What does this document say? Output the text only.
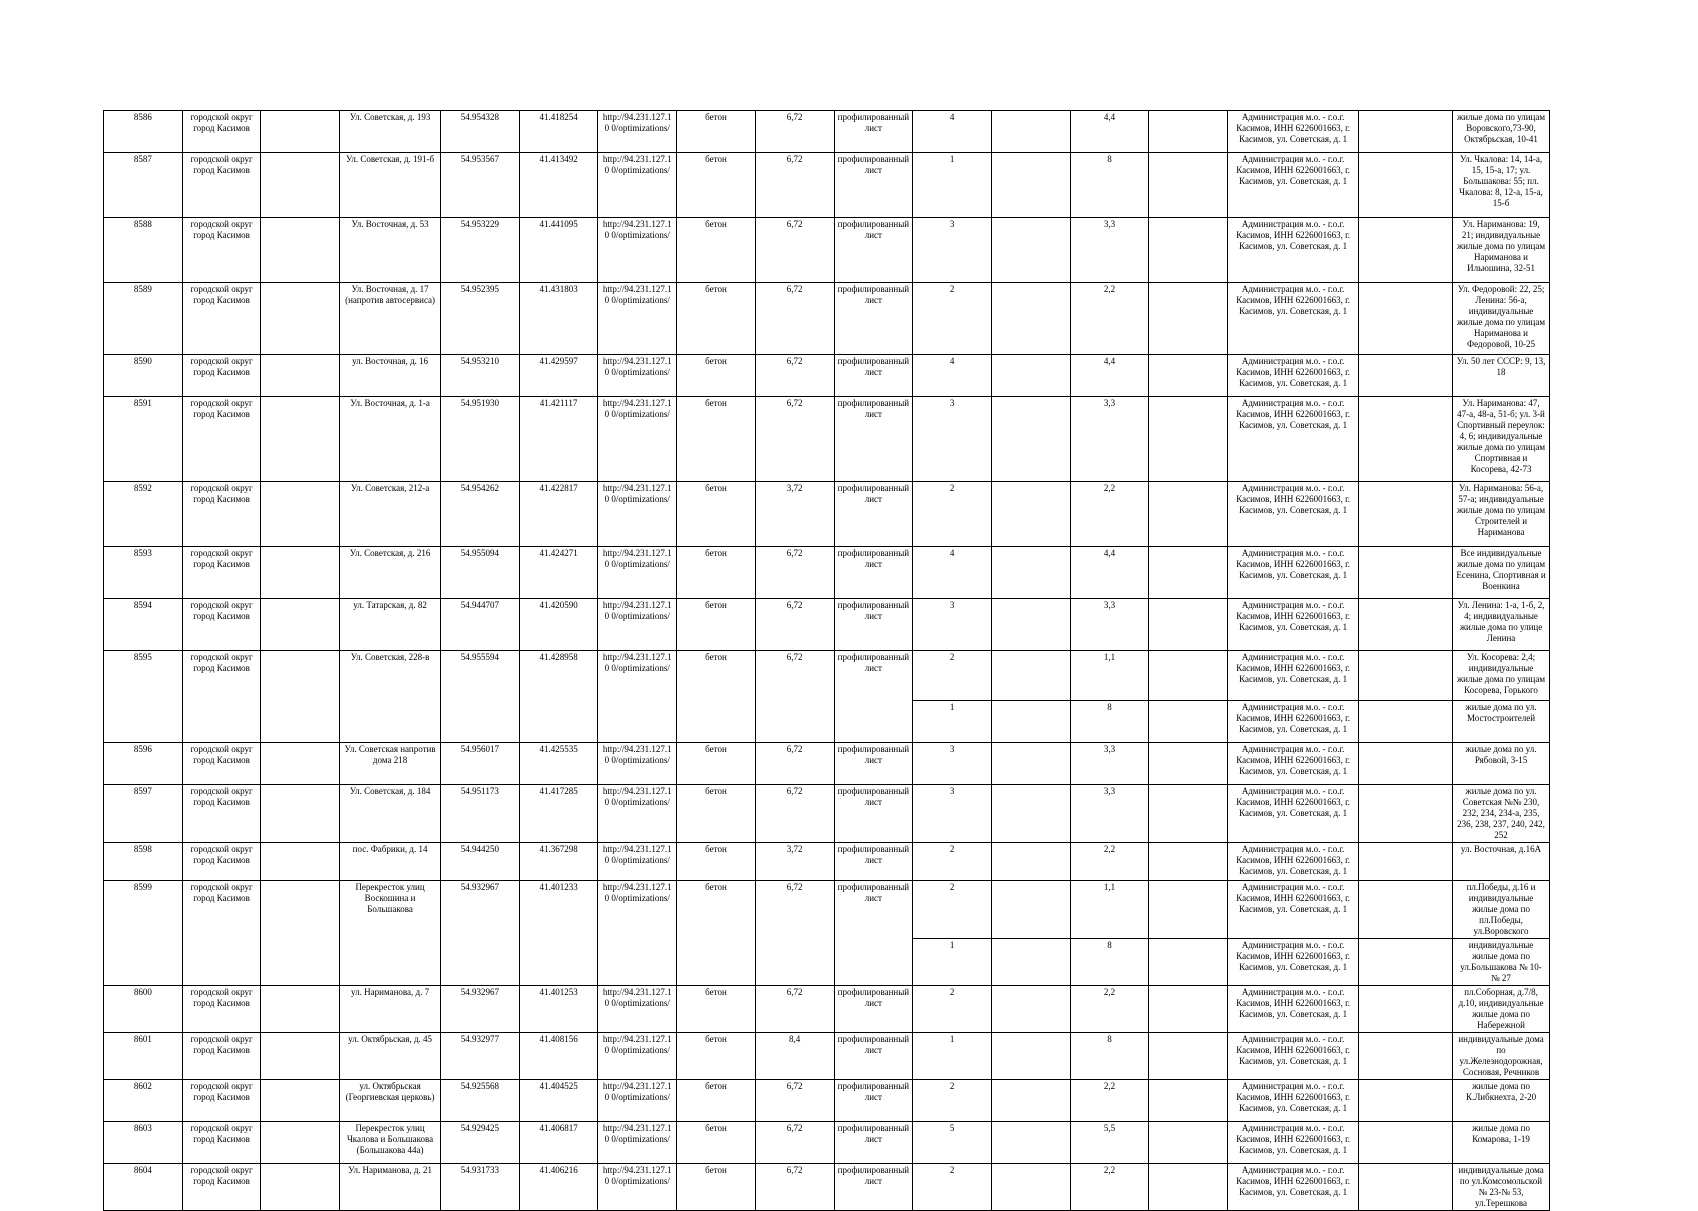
8586	городской округ город Касимов		Ул. Советская, д. 193	54.954328	41.418254	http://94.231.127.10 0/optimizations/	бетон	6,72	профилированный лист	4		4,4		Администрация м.о. - г.о.г. Касимов, ИНН 6226001663, г. Касимов, ул. Советская, д. 1		жилые дома по улицам Воровского,73-90, Октябрьская, 10-41
8587	городской округ город Касимов		Ул. Советская, д. 191-б	54.953567	41.413492	http://94.231.127.10 0/optimizations/	бетон	6,72	профилированный лист	1		8		Администрация м.о. - г.о.г. Касимов, ИНН 6226001663, г. Касимов, ул. Советская, д. 1		Ул. Чкалова: 14, 14-а, 15, 15-а, 17; ул. Большакова: 55; пл. Чкалова: 8, 12-а, 15-а, 15-б
8588	городской округ город Касимов		Ул. Восточная, д. 53	54.953229	41.441095	http://94.231.127.10 0/optimizations/	бетон	6,72	профилированный лист	3		3,3		Администрация м.о. - г.о.г. Касимов, ИНН 6226001663, г. Касимов, ул. Советская, д. 1		Ул. Нариманова: 19, 21; индивидуальные жилые дома по улицам Нариманова и Ильюшина, 32-51
8589	городской округ город Касимов		Ул. Восточная, д. 17 (напротив автосервиса)	54.952395	41.431803	http://94.231.127.10 0/optimizations/	бетон	6,72	профилированный лист	2		2,2		Администрация м.о. - г.о.г. Касимов, ИНН 6226001663, г. Касимов, ул. Советская, д. 1		Ул. Федоровой: 22, 25; Ленина: 56-а, индивидуальные жилые дома по улицам Нариманова и Федоровой, 10-25
8590	городской округ город Касимов		ул. Восточная, д. 16	54.953210	41.429597	http://94.231.127.10 0/optimizations/	бетон	6,72	профилированный лист	4		4,4		Администрация м.о. - г.о.г. Касимов, ИНН 6226001663, г. Касимов, ул. Советская, д. 1		Ул. 50 лет СССР: 9, 13, 18
8591	городской округ город Касимов		Ул. Восточная, д. 1-а	54.951930	41.421117	http://94.231.127.10 0/optimizations/	бетон	6,72	профилированный лист	3		3,3		Администрация м.о. - г.о.г. Касимов, ИНН 6226001663, г. Касимов, ул. Советская, д. 1		Ул. Нариманова: 47, 47-а, 48-а, 51-б; ул. 3-й Спортивный переулок: 4, 6; индивидуальные жилые дома по улицам Спортивная и Косорева, 42-73
8592	городской округ город Касимов		Ул. Советская, 212-а	54.954262	41.422817	http://94.231.127.10 0/optimizations/	бетон	3,72	профилированный лист	2		2,2		Администрация м.о. - г.о.г. Касимов, ИНН 6226001663, г. Касимов, ул. Советская, д. 1		Ул. Нариманова: 56-а, 57-а; индивидуальные жилые дома по улицам Строителей и Нариманова
8593	городской округ город Касимов		Ул. Советская, д. 216	54.955094	41.424271	http://94.231.127.10 0/optimizations/	бетон	6,72	профилированный лист	4		4,4		Администрация м.о. - г.о.г. Касимов, ИНН 6226001663, г. Касимов, ул. Советская, д. 1		Все индивидуальные жилые дома по улицам Есенина, Спортивная и Военкина
8594	городской округ город Касимов		ул. Татарская, д. 82	54.944707	41.420590	http://94.231.127.10 0/optimizations/	бетон	6,72	профилированный лист	3		3,3		Администрация м.о. - г.о.г. Касимов, ИНН 6226001663, г. Касимов, ул. Советская, д. 1		Ул. Ленина: 1-а, 1-б, 2, 4; индивидуальные жилые дома по улице Ленина
8595	городской округ город Касимов		Ул. Советская, 228-в	54.955594	41.428958	http://94.231.127.10 0/optimizations/	бетон	6,72	профилированный лист	2		1,1		Администрация м.о. - г.о.г. Касимов, ИНН 6226001663, г. Касимов, ул. Советская, д. 1		Ул. Косорева: 2,4; индивидуальные жилые дома по улицам Косорева, Горького
										1		8		Администрация м.о. - г.о.г. Касимов, ИНН 6226001663, г. Касимов, ул. Советская, д. 1		жилые дома по ул. Мостостроителей
8596	городской округ город Касимов		Ул. Советская напротив дома 218	54.956017	41.425535	http://94.231.127.10 0/optimizations/	бетон	6,72	профилированный лист	3		3,3		Администрация м.о. - г.о.г. Касимов, ИНН 6226001663, г. Касимов, ул. Советская, д. 1		жилые дома по ул. Рябовой, 3-15
8597	городской округ город Касимов		Ул. Советская, д. 184	54.951173	41.417285	http://94.231.127.10 0/optimizations/	бетон	6,72	профилированный лист	3		3,3		Администрация м.о. - г.о.г. Касимов, ИНН 6226001663, г. Касимов, ул. Советская, д. 1		жилые дома по ул. Советская №№ 230, 232, 234, 234-а, 235, 236, 238, 237, 240, 242, 252
8598	городской округ город Касимов		пос. Фабрики, д. 14	54.944250	41.367298	http://94.231.127.10 0/optimizations/	бетон	3,72	профилированный лист	2		2,2		Администрация м.о. - г.о.г. Касимов, ИНН 6226001663, г. Касимов, ул. Советская, д. 1		ул. Восточная, д.16А
8599	городской округ город Касимов		Перекресток улиц Воскошина и Большакова	54.932967	41.401233	http://94.231.127.10 0/optimizations/	бетон	6,72	профилированный лист	2		1,1		Администрация м.о. - г.о.г. Касимов, ИНН 6226001663, г. Касимов, ул. Советская, д. 1		пл.Победы, д.16 и индивидуальные жилые дома по пл.Победы, ул.Воровского
										1		8		Администрация м.о. - г.о.г. Касимов, ИНН 6226001663, г. Касимов, ул. Советская, д. 1		индивидуальные жилые дома по ул.Большакова № 10-№ 27
8600	городской округ город Касимов		ул. Нариманова, д. 7	54.932967	41.401253	http://94.231.127.10 0/optimizations/	бетон	6,72	профилированный лист	2		2,2		Администрация м.о. - г.о.г. Касимов, ИНН 6226001663, г. Касимов, ул. Советская, д. 1		пл.Соборная, д.7/8, д.10, индивидуальные жилые дома по Набережной
8601	городской округ город Касимов		ул. Октябрьская, д. 45	54.932977	41.408156	http://94.231.127.10 0/optimizations/	бетон	8,4	профилированный лист	1		8		Администрация м.о. - г.о.г. Касимов, ИНН 6226001663, г. Касимов, ул. Советская, д. 1		индивидуальные дома по ул.Железнодорожная, Сосновая, Речников
8602	городской округ город Касимов		ул. Октябрьская (Георгиевская церковь)	54.925568	41.404525	http://94.231.127.10 0/optimizations/	бетон	6,72	профилированный лист	2		2,2		Администрация м.о. - г.о.г. Касимов, ИНН 6226001663, г. Касимов, ул. Советская, д. 1		жилые дома по К.Либкнехта, 2-20
8603	городской округ город Касимов		Перекресток улиц Чкалова и Большакова (Большакова 44а)	54.929425	41.406817	http://94.231.127.10 0/optimizations/	бетон	6,72	профилированный лист	5		5,5		Администрация м.о. - г.о.г. Касимов, ИНН 6226001663, г. Касимов, ул. Советская, д. 1		жилые дома по Комарова, 1-19
8604	городской округ город Касимов		Ул. Нариманова, д. 21	54.931733	41.406216	http://94.231.127.10 0/optimizations/	бетон	6,72	профилированный лист	2		2,2		Администрация м.о. - г.о.г. Касимов, ИНН 6226001663, г. Касимов, ул. Советская, д. 1		индивидуальные дома по ул.Комсомольской № 23-№ 53, ул.Терешкова
